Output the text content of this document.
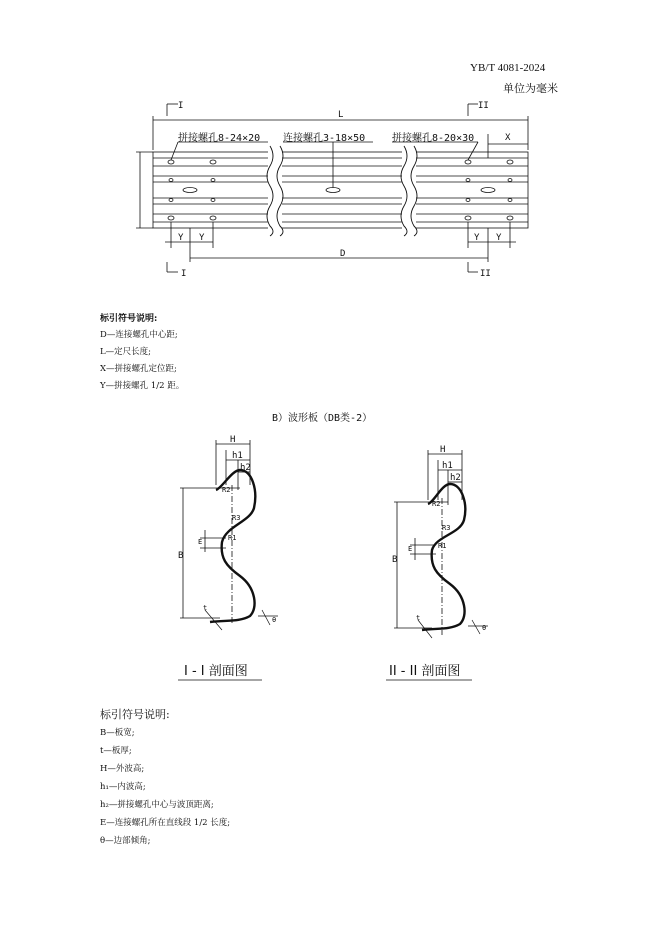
YB/T 4081-2024
单位为毫米
I	II
L
X
Y Y	Y Y
D
I	II
拼接螺孔8-24×20 连接螺孔3-18×50	拼接螺孔8-20×30
标引符号说明:
D—连接螺孔中心距;
L—定尺长度;
X—拼接螺孔定位距;
Y—拼接螺孔 1/2 距。
B）波形板（DB类-2）
H
h1
h2
B
E
R2
R3
R1
t
θ
H
h1
h2
B
E
R2
R3
R1
t
θ
I - I 剖面图	II - II 剖面图
标引符号说明:
B—板宽;
t—板厚;
H—外波高;
h₁—内波高;
h₂—拼接螺孔中心与波顶距离;
E—连接螺孔所在直线段 1/2 长度;
θ—边部倾角;
